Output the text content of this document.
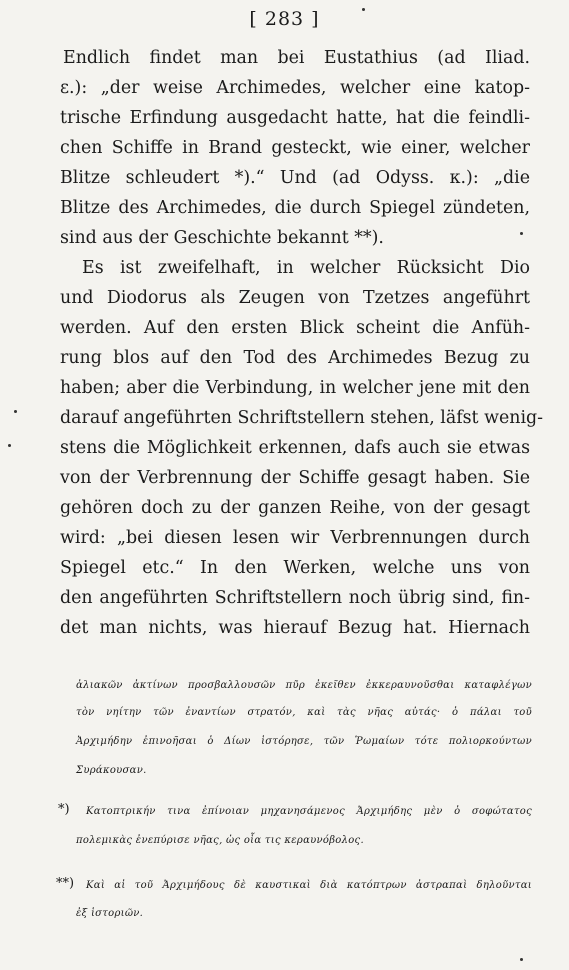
[ 283 ]
Endlich findet man bei Eustathius (ad Iliad.
ε.): „der weise Archimedes, welcher eine katop-
trische Erfindung ausgedacht hatte, hat die feindli-
chen Schiffe in Brand gesteckt, wie einer, welcher
Blitze schleudert *).“ Und (ad Odyss. κ.): „die
Blitze des Archimedes, die durch Spiegel zündeten,
sind aus der Geschichte bekannt **).
Es ist zweifelhaft, in welcher Rücksicht Dio
und Diodorus als Zeugen von Tzetzes angeführt
werden. Auf den ersten Blick scheint die Anfüh-
rung blos auf den Tod des Archimedes Bezug zu
haben; aber die Verbindung, in welcher jene mit den
darauf angeführten Schriftstellern stehen, läfst wenig-
stens die Möglichkeit erkennen, dafs auch sie etwas
von der Verbrennung der Schiffe gesagt haben. Sie
gehören doch zu der ganzen Reihe, von der gesagt
wird: „bei diesen lesen wir Verbrennungen durch
Spiegel etc.“ In den Werken, welche uns von
den angeführten Schriftstellern noch übrig sind, fin-
det man nichts, was hierauf Bezug hat. Hiernach
ἁλιακῶν ἀκτίνων προσβαλλουσῶν πῦρ ἐκεῖθεν ἐκκεραυνοῦσθαι καταφλέγων
τὸν νηίτην τῶν ἐναντίων στρατόν, καὶ τὰς νῆας αὐτάς· ὁ πάλαι τοῦ
Ἀρχιμήδην ἐπινοῆσαι ὁ Δίων ἱστόρησε, τῶν Ῥωμαίων τότε πολιορκούντων
Συράκουσαν.
*) Κατοπτρικήν τινα ἐπίνοιαν μηχανησάμενος Ἀρχιμήδης μὲν ὁ σοφώτατος
πολεμικὰς ἐνεπύρισε νῆας, ὡς οἷα τις κεραυνόβολος.
**) Καὶ αἱ τοῦ Ἀρχιμήδους δὲ καυστικαὶ διὰ κατόπτρων ἀστραπαὶ δηλοῦνται
ἐξ ἱστοριῶν.
